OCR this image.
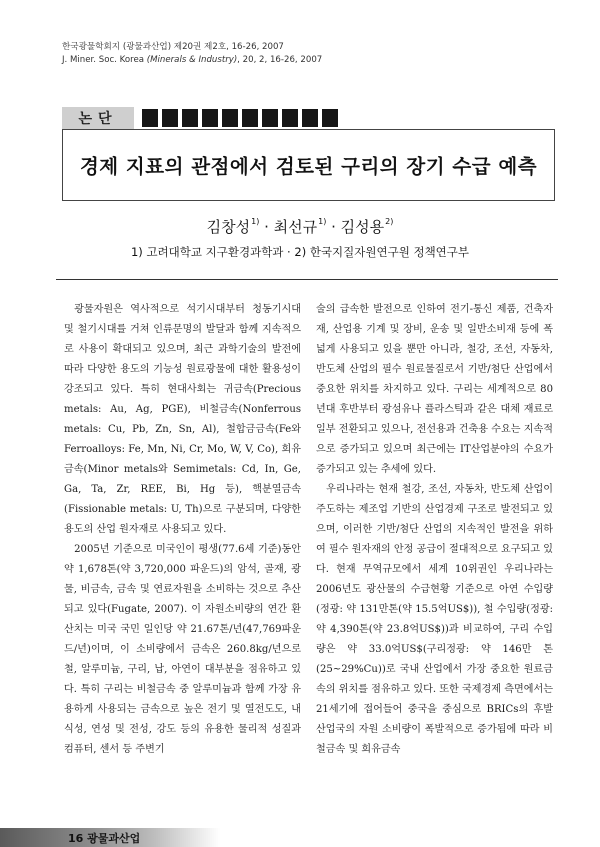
한국광물학회지 (광물과산업) 제20권 제2호, 16-26, 2007
J. Miner. Soc. Korea (Minerals & Industry), 20, 2, 16-26, 2007
논단
경제 지표의 관점에서 검토된 구리의 장기 수급 예측
김창성$^{1)}$ · 최선규$^{1)}$ · 김성용$^{2)}$
1) 고려대학교 지구환경과학과 · 2) 한국지질자원연구원 정책연구부

광물자원은 역사적으로 석기시대부터 청동기시대 및 철기시대를 거쳐 인류문명의 발달과 함께 지속적으로 사용이 확대되고 있으며, 최근 과학기술의 발전에 따라 다양한 용도의 기능성 원료광물에 대한 활용성이 강조되고 있다. 특히 현대사회는 귀금속(Precious metals: Au, Ag, PGE), 비철금속(Nonferrous metals: Cu, Pb, Zn, Sn, Al), 철합금금속(Fe와 Ferroalloys: Fe, Mn, Ni, Cr, Mo, W, V, Co), 희유금속(Minor metals와 Semimetals: Cd, In, Ge, Ga, Ta, Zr, REE, Bi, Hg 등), 핵분열금속(Fissionable metals: U, Th)으로 구분되며, 다양한 용도의 산업 원자재로 사용되고 있다.

2005년 기준으로 미국인이 평생(77.6세 기준)동안 약 1,678톤(약 3,720,000 파운드)의 암석, 골재, 광물, 비금속, 금속 및 연료자원을 소비하는 것으로 추산되고 있다(Fugate, 2007). 이 자원소비량의 연간 환산치는 미국 국민 일인당 약 21.67톤/년(47,769파운드/년)이며, 이 소비량에서 금속은 260.8kg/년으로 철, 알루미늄, 구리, 납, 아연이 대부분을 점유하고 있다. 특히 구리는 비철금속 중 알루미늄과 함께 가장 유용하게 사용되는 금속으로 높은 전기 및 열전도도, 내식성, 연성 및 전성, 강도 등의 유용한 물리적 성질과 컴퓨터, 센서 등 주변기

술의 급속한 발전으로 인하여 전기-통신 제품, 건축자재, 산업용 기계 및 장비, 운송 및 일반소비재 등에 폭 넓게 사용되고 있을 뿐만 아니라, 철강, 조선, 자동차, 반도체 산업의 필수 원료물질로서 기반/첨단 산업에서 중요한 위치를 차지하고 있다. 구리는 세계적으로 80년대 후반부터 광섬유나 플라스틱과 같은 대체 재료로 일부 전환되고 있으나, 전선용과 건축용 수요는 지속적으로 증가되고 있으며 최근에는 IT산업분야의 수요가 증가되고 있는 추세에 있다.

우리나라는 현재 철강, 조선, 자동차, 반도체 산업이 주도하는 제조업 기반의 산업경제 구조로 발전되고 있으며, 이러한 기반/첨단 산업의 지속적인 발전을 위하여 필수 원자재의 안정 공급이 절대적으로 요구되고 있다. 현재 무역규모에서 세계 10위권인 우리나라는 2006년도 광산물의 수급현황 기준으로 아연 수입량(정광: 약 131만톤(약 15.5억US$)), 철 수입량(정광: 약 4,390톤(약 23.8억US$))과 비교하여, 구리 수입량은 약 33.0억US$(구리정광: 약 146만 톤(25~29%Cu))로 국내 산업에서 가장 중요한 원료금속의 위치를 점유하고 있다. 또한 국제경제 측면에서는 21세기에 접어들어 중국을 중심으로 BRICs의 후발 산업국의 자원 소비량이 폭발적으로 증가됨에 따라 비철금속 및 희유금속

16 광물과산업
